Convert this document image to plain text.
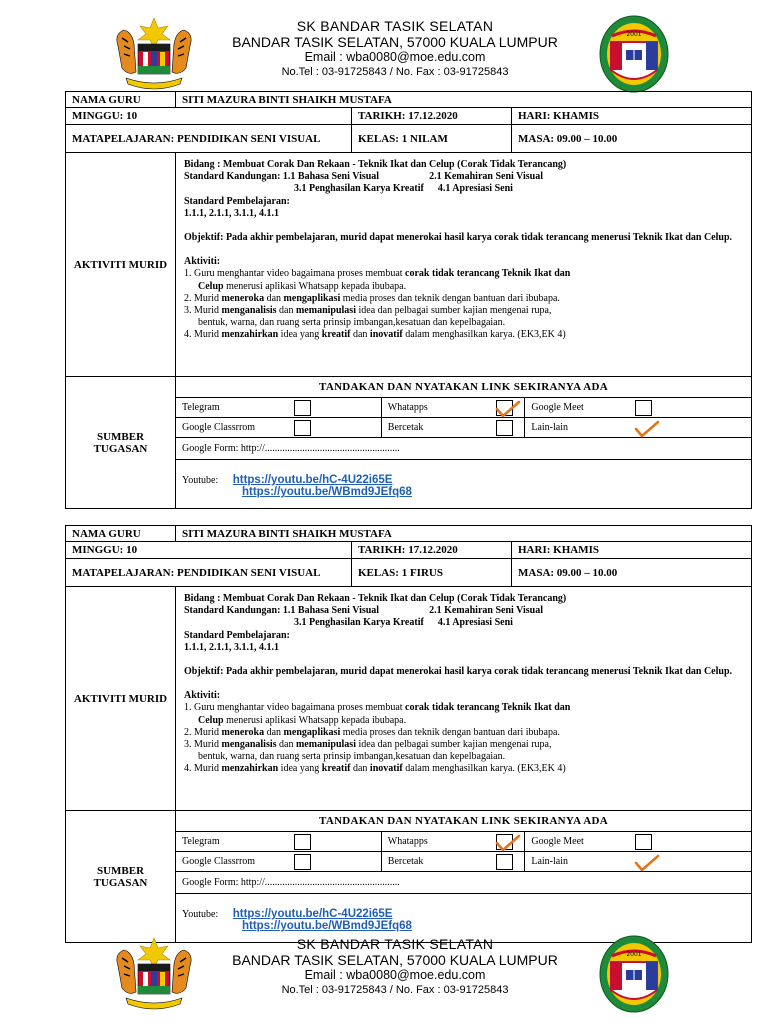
SK BANDAR TASIK SELATAN
BANDAR TASIK SELATAN, 57000 KUALA LUMPUR
Email : wba0080@moe.edu.com
No.Tel : 03-91725843 / No. Fax : 03-91725843
2001
NAMA GURU	SITI MAZURA BINTI SHAIKH MUSTAFA
MINGGU: 10	TARIKH: 17.12.2020	HARI: KHAMIS
MATAPELAJARAN: PENDIDIKAN SENI VISUAL	KELAS: 1 NILAM	MASA: 09.00 – 10.00
AKTIVITI MURID	
Bidang : Membuat Corak Dan Rekaan - Teknik Ikat dan Celup (Corak Tidak Terancang)
Standard Kandungan: 1.1 Bahasa Seni Visual	2.1 Kemahiran Seni Visual
3.1 Penghasilan Karya Kreatif 4.1 Apresiasi Seni
Standard Pembelajaran:
1.1.1, 2.1.1, 3.1.1, 4.1.1
Objektif: Pada akhir pembelajaran, murid dapat menerokai hasil karya corak tidak terancang menerusi Teknik Ikat dan Celup.
Aktiviti:
1. Guru menghantar video bagaimana proses membuat corak tidak terancang Teknik Ikat dan
Celup menerusi aplikasi Whatsapp kepada ibubapa.
2. Murid meneroka dan mengaplikasi media proses dan teknik dengan bantuan dari ibubapa.
3. Murid menganalisis dan memanipulasi idea dan pelbagai sumber kajian mengenai rupa,
bentuk, warna, dan ruang serta prinsip imbangan,kesatuan dan kepelbagaian.
4. Murid menzahirkan idea yang kreatif dan inovatif dalam menghasilkan karya. (EK3,EK 4)

SUMBER TUGASAN	
TANDAKAN DAN NYATAKAN LINK SEKIRANYA ADA
Telegram	Whatapps	Google Meet

Google Classrrom	Bercetak	Lain-lain

Google Form: http://......................................................
Youtube: https://youtu.be/hC-4U22i65E
https://youtu.be/WBmd9JEfq68
NAMA GURU	SITI MAZURA BINTI SHAIKH MUSTAFA
MINGGU: 10	TARIKH: 17.12.2020	HARI: KHAMIS
MATAPELAJARAN: PENDIDIKAN SENI VISUAL	KELAS: 1 FIRUS	MASA: 09.00 – 10.00
AKTIVITI MURID	
Bidang : Membuat Corak Dan Rekaan - Teknik Ikat dan Celup (Corak Tidak Terancang)
Standard Kandungan: 1.1 Bahasa Seni Visual	2.1 Kemahiran Seni Visual
3.1 Penghasilan Karya Kreatif 4.1 Apresiasi Seni
Standard Pembelajaran:
1.1.1, 2.1.1, 3.1.1, 4.1.1
Objektif: Pada akhir pembelajaran, murid dapat menerokai hasil karya corak tidak terancang menerusi Teknik Ikat dan Celup.
Aktiviti:
1. Guru menghantar video bagaimana proses membuat corak tidak terancang Teknik Ikat dan
Celup menerusi aplikasi Whatsapp kepada ibubapa.
2. Murid meneroka dan mengaplikasi media proses dan teknik dengan bantuan dari ibubapa.
3. Murid menganalisis dan memanipulasi idea dan pelbagai sumber kajian mengenai rupa,
bentuk, warna, dan ruang serta prinsip imbangan,kesatuan dan kepelbagaian.
4. Murid menzahirkan idea yang kreatif dan inovatif dalam menghasilkan karya. (EK3,EK 4)

SUMBER TUGASAN	
TANDAKAN DAN NYATAKAN LINK SEKIRANYA ADA
Telegram	Whatapps	Google Meet

Google Classrrom	Bercetak	Lain-lain

Google Form: http://......................................................
Youtube: https://youtu.be/hC-4U22i65E
https://youtu.be/WBmd9JEfq68
SK BANDAR TASIK SELATAN
BANDAR TASIK SELATAN, 57000 KUALA LUMPUR
Email : wba0080@moe.edu.com
No.Tel : 03-91725843 / No. Fax : 03-91725843
2001
